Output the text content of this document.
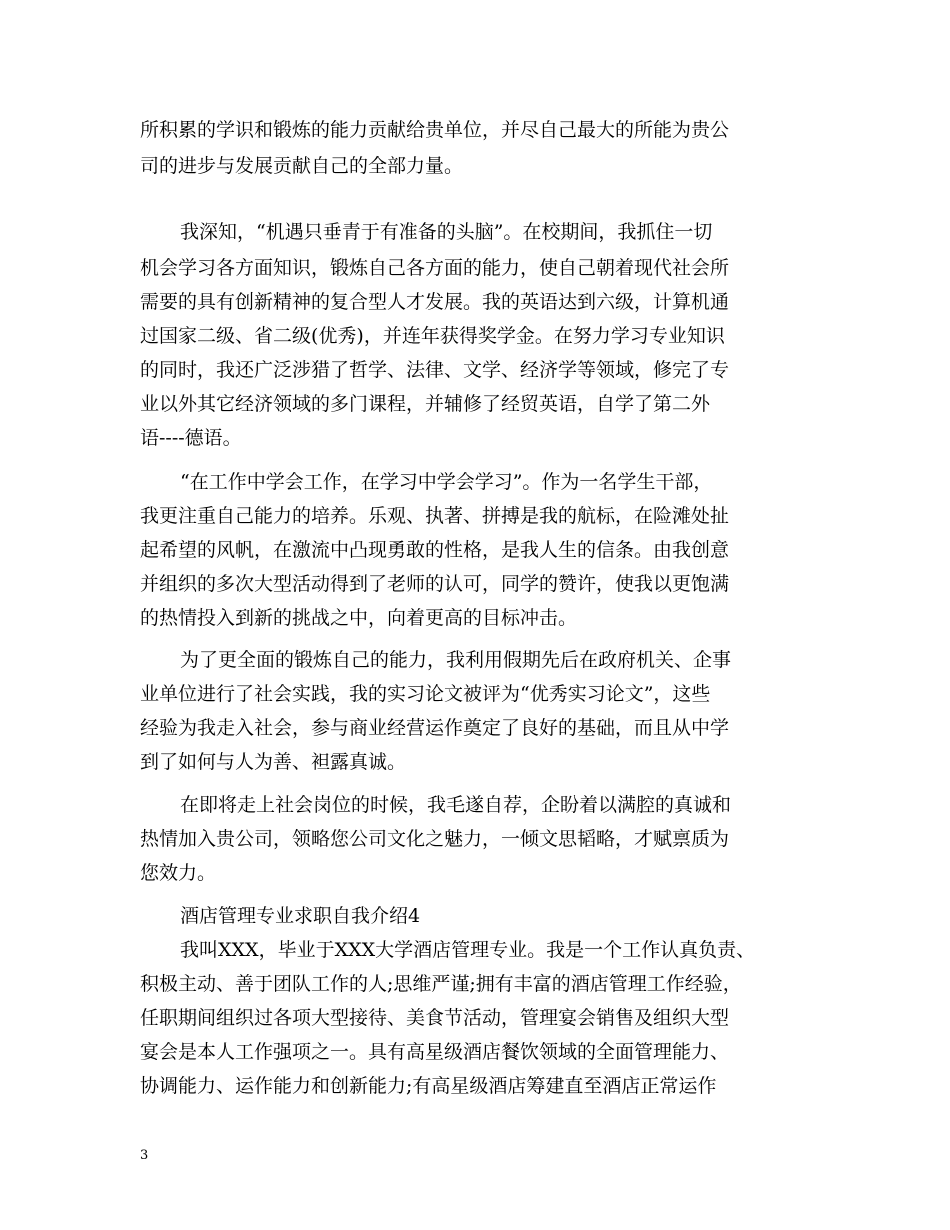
所积累的学识和锻炼的能力贡献给贵单位，并尽自己最大的所能为贵公
司的进步与发展贡献自己的全部力量。
我深知，“机遇只垂青于有准备的头脑”。在校期间，我抓住一切
机会学习各方面知识，锻炼自己各方面的能力，使自己朝着现代社会所
需要的具有创新精神的复合型人才发展。我的英语达到六级，计算机通
过国家二级、省二级(优秀)，并连年获得奖学金。在努力学习专业知识
的同时，我还广泛涉猎了哲学、法律、文学、经济学等领域，修完了专
业以外其它经济领域的多门课程，并辅修了经贸英语，自学了第二外
语----德语。
“在工作中学会工作，在学习中学会学习”。作为一名学生干部，
我更注重自己能力的培养。乐观、执著、拼搏是我的航标，在险滩处扯
起希望的风帆，在激流中凸现勇敢的性格，是我人生的信条。由我创意
并组织的多次大型活动得到了老师的认可，同学的赞许，使我以更饱满
的热情投入到新的挑战之中，向着更高的目标冲击。
为了更全面的锻炼自己的能力，我利用假期先后在政府机关、企事
业单位进行了社会实践，我的实习论文被评为“优秀实习论文”，这些
经验为我走入社会，参与商业经营运作奠定了良好的基础，而且从中学
到了如何与人为善、袒露真诚。
在即将走上社会岗位的时候，我毛遂自荐，企盼着以满腔的真诚和
热情加入贵公司，领略您公司文化之魅力，一倾文思韬略，才赋禀质为
您效力。
酒店管理专业求职自我介绍4
我叫XXX，毕业于XXX大学酒店管理专业。我是一个工作认真负责、
积极主动、善于团队工作的人;思维严谨;拥有丰富的酒店管理工作经验，
任职期间组织过各项大型接待、美食节活动，管理宴会销售及组织大型
宴会是本人工作强项之一。具有高星级酒店餐饮领域的全面管理能力、
协调能力、运作能力和创新能力;有高星级酒店筹建直至酒店正常运作
3
